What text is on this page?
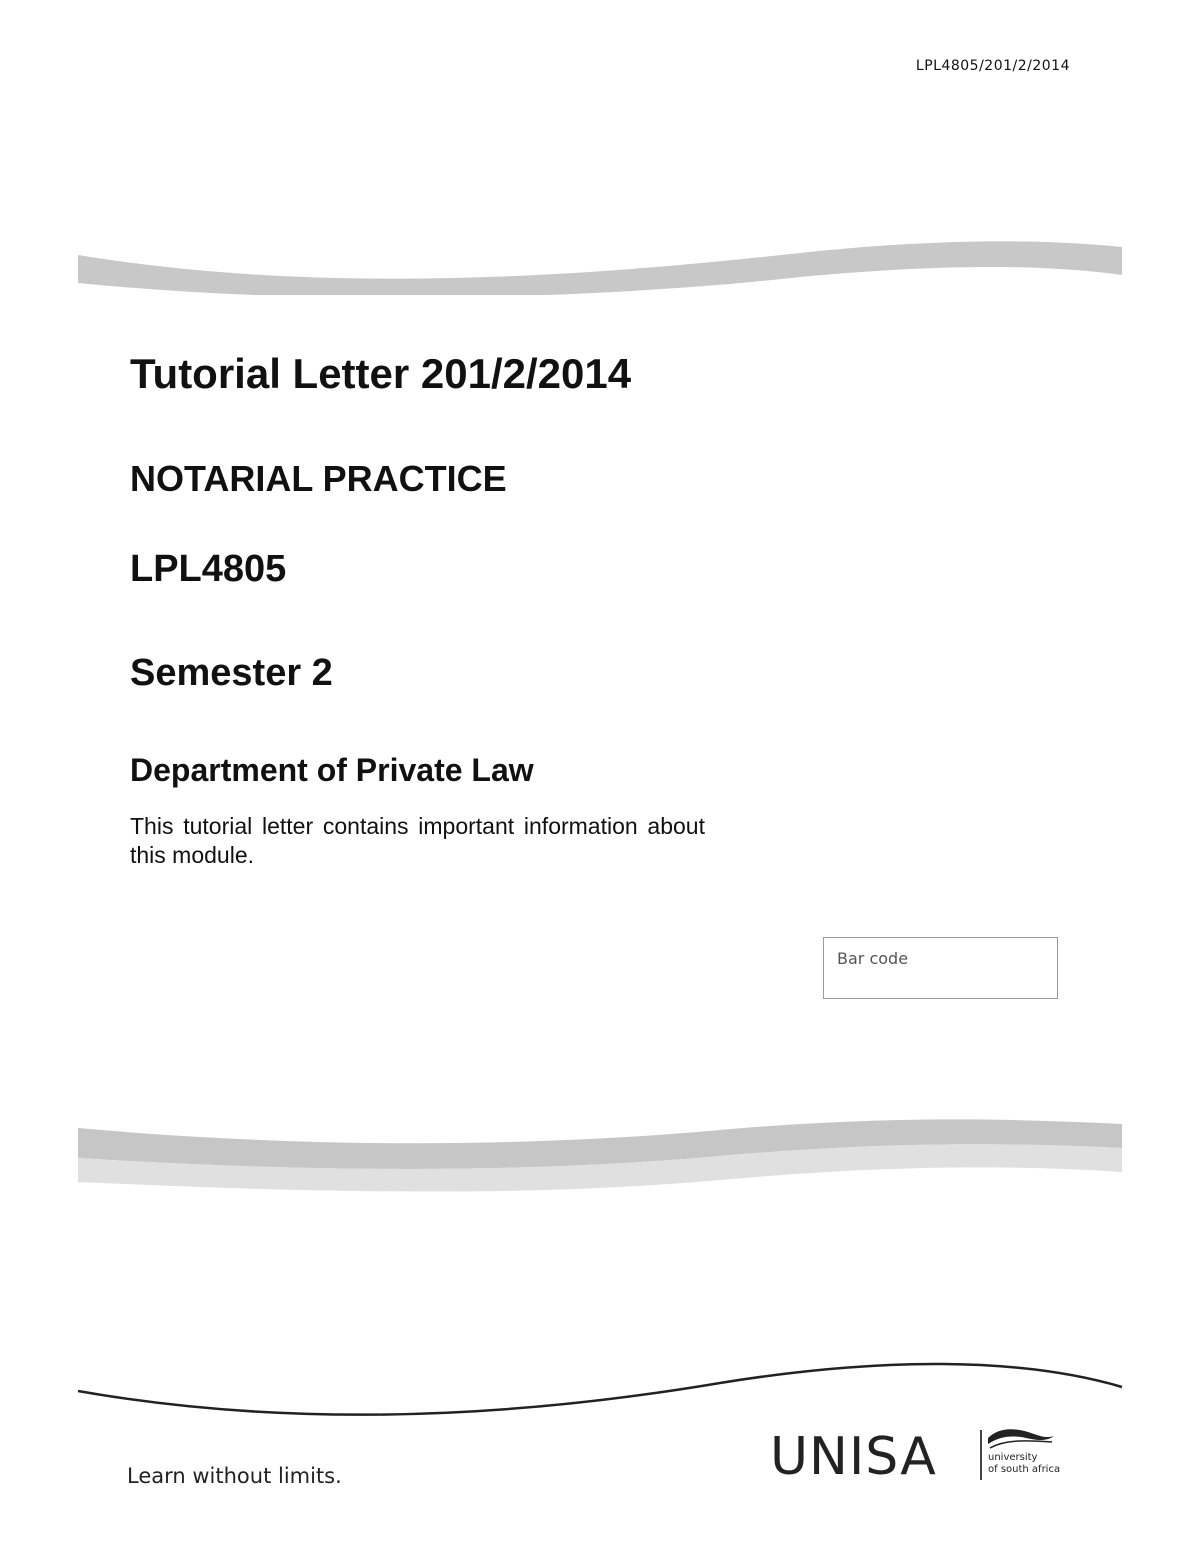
LPL4805/201/2/2014
Tutorial Letter 201/2/2014
NOTARIAL PRACTICE
LPL4805
Semester 2
Department of Private Law

This tutorial letter contains important information about this module.

Bar code
Learn without limits.	UNISA	university
of south africa
